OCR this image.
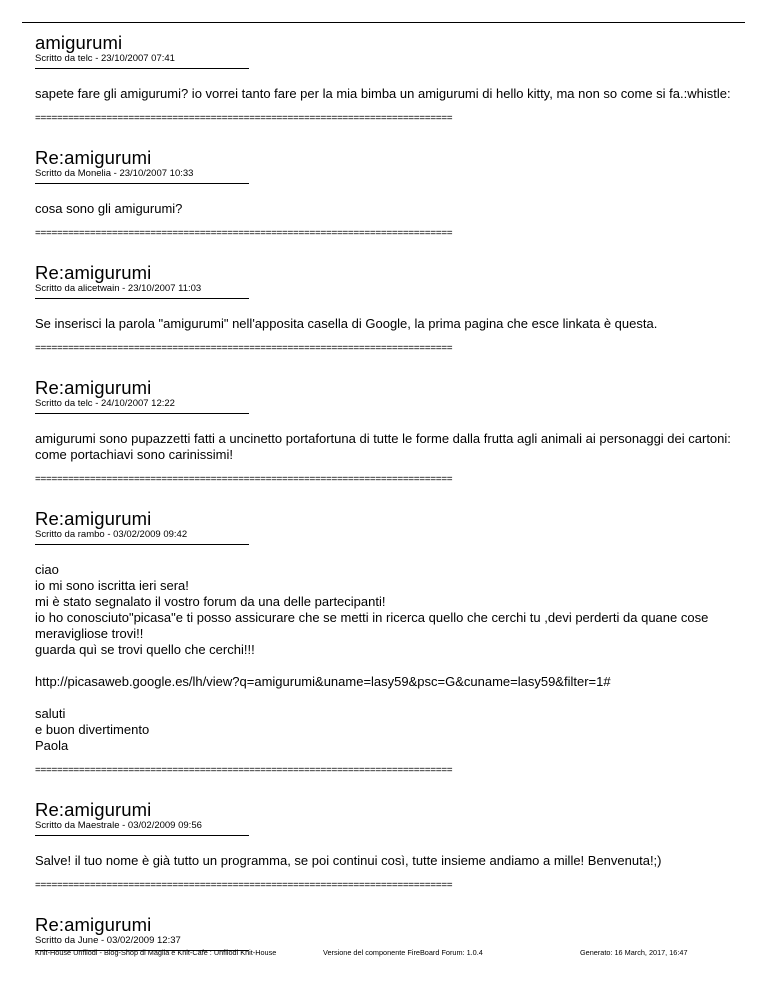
amigurumi
Scritto da telc - 23/10/2007 07:41
sapete fare gli amigurumi? io vorrei tanto fare per la mia bimba un amigurumi di hello kitty, ma non so come si fa.:whistle:
============================================================================
Re:amigurumi
Scritto da Monelia - 23/10/2007 10:33
cosa sono gli amigurumi?
============================================================================
Re:amigurumi
Scritto da alicetwain - 23/10/2007 11:03
Se inserisci la parola "amigurumi" nell'apposita casella di Google, la prima pagina che esce linkata è questa.
============================================================================
Re:amigurumi
Scritto da telc - 24/10/2007 12:22
amigurumi sono pupazzetti fatti a uncinetto portafortuna di tutte le forme dalla frutta agli animali ai personaggi dei cartoni:
come portachiavi sono carinissimi!
============================================================================
Re:amigurumi
Scritto da rambo - 03/02/2009 09:42
ciao
io mi sono iscritta ieri sera!
mi è stato segnalato il vostro forum da una delle partecipanti!
io ho conosciuto"picasa"e ti posso assicurare che se metti in ricerca quello che cerchi tu ,devi perderti da quane cose meravigliose trovi!!
guarda quì se trovi quello che cerchi!!!

http://picasaweb.google.es/lh/view?q=amigurumi&uname=lasy59&psc=G&cuname=lasy59&filter=1#

saluti
e buon divertimento
Paola
============================================================================
Re:amigurumi
Scritto da Maestrale - 03/02/2009 09:56
Salve! il tuo nome è già tutto un programma, se poi continui così, tutte insieme andiamo a mille! Benvenuta!;)
============================================================================
Re:amigurumi
Scritto da June - 03/02/2009 12:37
Knit-House Unfilodi - Blog-Shop di Maglia e Knit-Cafe : Unfilodi Knit-House	Versione del componente FireBoard Forum: 1.0.4	Generato: 16 March, 2017, 16:47
